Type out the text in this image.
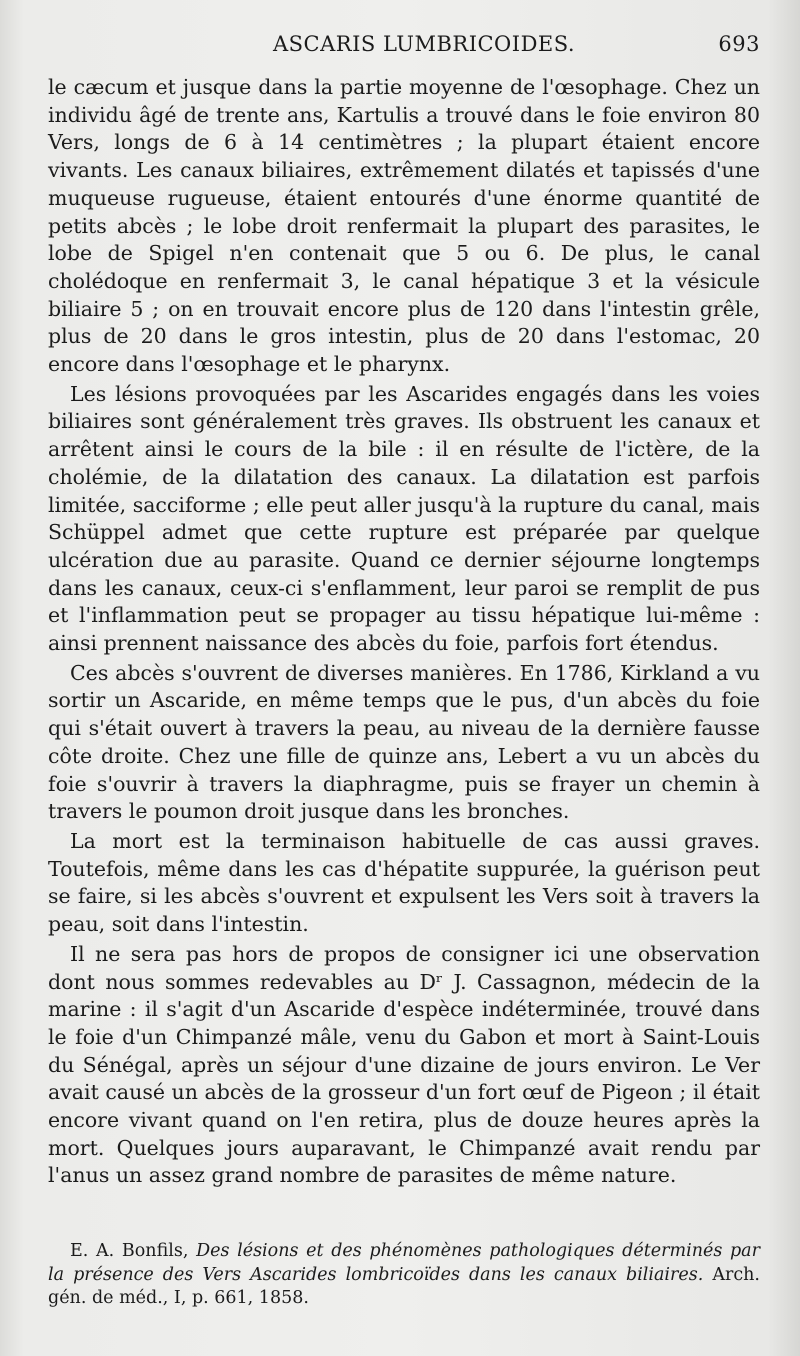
ASCARIS LUMBRICOIDES.	693

le cæcum et jusque dans la partie moyenne de l'œsophage. Chez un individu âgé de trente ans, Kartulis a trouvé dans le foie environ 80 Vers, longs de 6 à 14 centimètres ; la plupart étaient encore vivants. Les canaux biliaires, extrêmement dilatés et tapissés d'une muqueuse rugueuse, étaient entourés d'une énorme quantité de petits abcès ; le lobe droit renfermait la plupart des parasites, le lobe de Spigel n'en contenait que 5 ou 6. De plus, le canal cholédoque en renfermait 3, le canal hépatique 3 et la vésicule biliaire 5 ; on en trouvait encore plus de 120 dans l'intestin grêle, plus de 20 dans le gros intestin, plus de 20 dans l'estomac, 20 encore dans l'œsophage et le pharynx.

Les lésions provoquées par les Ascarides engagés dans les voies biliaires sont généralement très graves. Ils obstruent les canaux et arrêtent ainsi le cours de la bile : il en résulte de l'ictère, de la cholémie, de la dilatation des canaux. La dilatation est parfois limitée, sacciforme ; elle peut aller jusqu'à la rupture du canal, mais Schüppel admet que cette rupture est préparée par quelque ulcération due au parasite. Quand ce dernier séjourne longtemps dans les canaux, ceux-ci s'enflamment, leur paroi se remplit de pus et l'inflammation peut se propager au tissu hépatique lui-même : ainsi prennent naissance des abcès du foie, parfois fort étendus.

Ces abcès s'ouvrent de diverses manières. En 1786, Kirkland a vu sortir un Ascaride, en même temps que le pus, d'un abcès du foie qui s'était ouvert à travers la peau, au niveau de la dernière fausse côte droite. Chez une fille de quinze ans, Lebert a vu un abcès du foie s'ouvrir à travers la diaphragme, puis se frayer un chemin à travers le poumon droit jusque dans les bronches.

La mort est la terminaison habituelle de cas aussi graves. Toutefois, même dans les cas d'hépatite suppurée, la guérison peut se faire, si les abcès s'ouvrent et expulsent les Vers soit à travers la peau, soit dans l'intestin.

Il ne sera pas hors de propos de consigner ici une observation dont nous sommes redevables au Dʳ J. Cassagnon, médecin de la marine : il s'agit d'un Ascaride d'espèce indéterminée, trouvé dans le foie d'un Chimpanzé mâle, venu du Gabon et mort à Saint-Louis du Sénégal, après un séjour d'une dizaine de jours environ. Le Ver avait causé un abcès de la grosseur d'un fort œuf de Pigeon ; il était encore vivant quand on l'en retira, plus de douze heures après la mort. Quelques jours auparavant, le Chimpanzé avait rendu par l'anus un assez grand nombre de parasites de même nature.

E. A. Bonfils, Des lésions et des phénomènes pathologiques déterminés par la présence des Vers Ascarides lombricoïdes dans les canaux biliaires. Arch. gén. de méd., I, p. 661, 1858.
